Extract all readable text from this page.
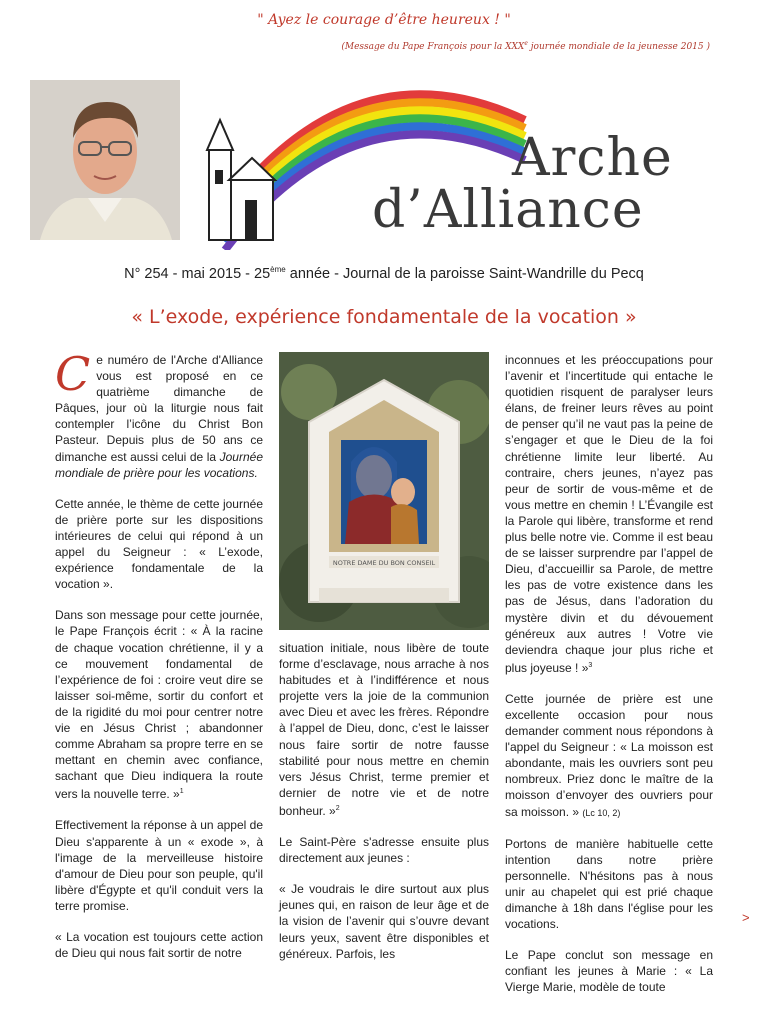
" Ayez le courage d’être heureux ! "
(Message du Pape François pour la XXXe journée mondiale de la jeunesse 2015 )
Arche
d’Alliance
N° 254 - mai 2015 - 25ème année - Journal de la paroisse Saint-Wandrille du Pecq
« L’exode, expérience fondamentale de la vocation »

Ce numéro de l'Arche d'Alliance vous est proposé en ce quatrième dimanche de Pâques, jour où la liturgie nous fait contempler l’icône du Christ Bon Pasteur. Depuis plus de 50 ans ce dimanche est aussi celui de la Journée mondiale de prière pour les vocations.

Cette année, le thème de cette journée de prière porte sur les dispositions intérieures de celui qui répond à un appel du Seigneur : « L’exode, expérience fondamentale de la vocation ».

Dans son message pour cette journée, le Pape François écrit : « À la racine de chaque vocation chrétienne, il y a ce mouvement fondamental de l’expérience de foi : croire veut dire se laisser soi-même, sortir du confort et de la rigidité du moi pour centrer notre vie en Jésus Christ ; abandonner comme Abraham sa propre terre en se mettant en chemin avec confiance, sachant que Dieu indiquera la route vers la nouvelle terre. »$^1$

Effectivement la réponse à un appel de Dieu s'apparente à un « exode », à l'image de la merveilleuse histoire d'amour de Dieu pour son peuple, qu'il libère d'Égypte et qu'il conduit vers la terre promise.

« La vocation est toujours cette action de Dieu qui nous fait sortir de notre

NOTRE DAME DU BON CONSEIL

situation initiale, nous libère de toute forme d’esclavage, nous arrache à nos habitudes et à l’indifférence et nous projette vers la joie de la communion avec Dieu et avec les frères. Répondre à l’appel de Dieu, donc, c’est le laisser nous faire sortir de notre fausse stabilité pour nous mettre en chemin vers Jésus Christ, terme premier et dernier de notre vie et de notre bonheur. »$^2$

Le Saint-Père s'adresse ensuite plus directement aux jeunes :

« Je voudrais le dire surtout aux plus jeunes qui, en raison de leur âge et de la vision de l’avenir qui s’ouvre devant leurs yeux, savent être disponibles et généreux. Parfois, les

inconnues et les préoccupations pour l’avenir et l’incertitude qui entache le quotidien risquent de paralyser leurs élans, de freiner leurs rêves au point de penser qu’il ne vaut pas la peine de s’engager et que le Dieu de la foi chrétienne limite leur liberté. Au contraire, chers jeunes, n’ayez pas peur de sortir de vous-même et de vous mettre en chemin ! L’Évangile est la Parole qui libère, transforme et rend plus belle notre vie. Comme il est beau de se laisser surprendre par l’appel de Dieu, d’accueillir sa Parole, de mettre les pas de votre existence dans les pas de Jésus, dans l’adoration du mystère divin et du dévouement généreux aux autres ! Votre vie deviendra chaque jour plus riche et plus joyeuse ! »$^3$

Cette journée de prière est une excellente occasion pour nous demander comment nous répondons à l'appel du Seigneur : « La moisson est abondante, mais les ouvriers sont peu nombreux. Priez donc le maître de la moisson d’envoyer des ouvriers pour sa moisson. » (Lc 10, 2)

Portons de manière habituelle cette intention dans notre prière personnelle. N'hésitons pas à nous unir au chapelet qui est prié chaque dimanche à 18h dans l'église pour les vocations.

Le Pape conclut son message en confiant les jeunes à Marie : « La Vierge Marie, modèle de toute

>
